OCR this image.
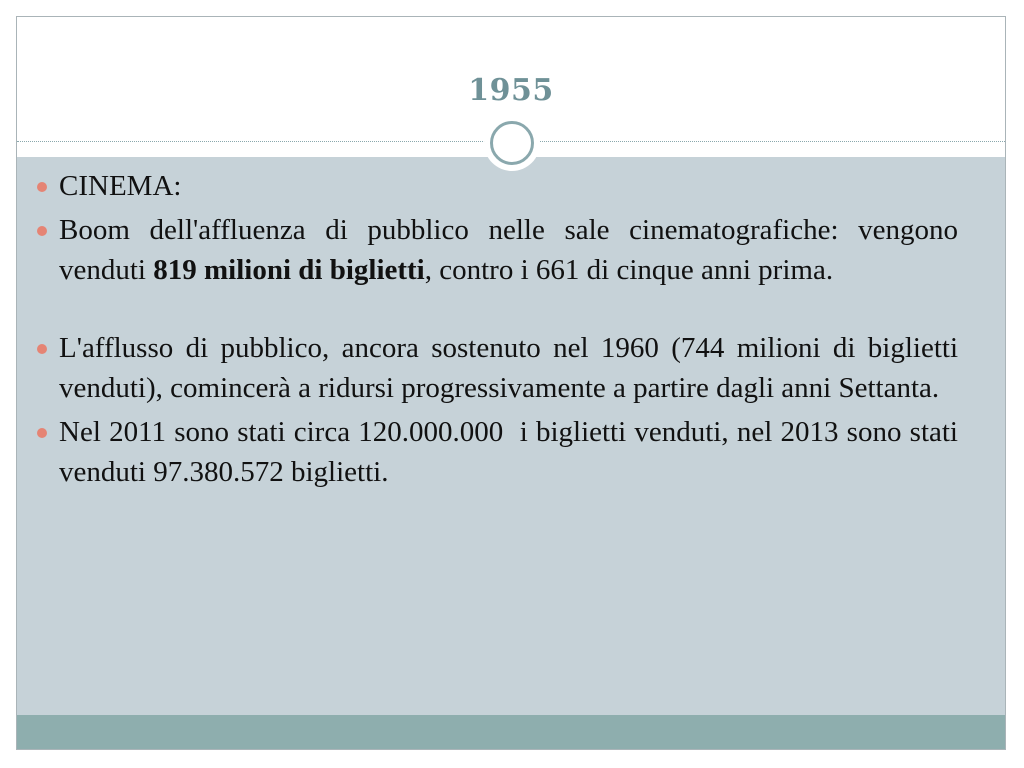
1955
CINEMA:
Boom dell'affluenza di pubblico nelle sale cinematografiche: vengono venduti 819 milioni di biglietti, contro i 661 di cinque anni prima.
L'afflusso di pubblico, ancora sostenuto nel 1960 (744 milioni di biglietti venduti), comincerà a ridursi progressivamente a partire dagli anni Settanta.
Nel 2011 sono stati circa 120.000.000  i biglietti venduti, nel 2013 sono stati venduti 97.380.572 biglietti.
